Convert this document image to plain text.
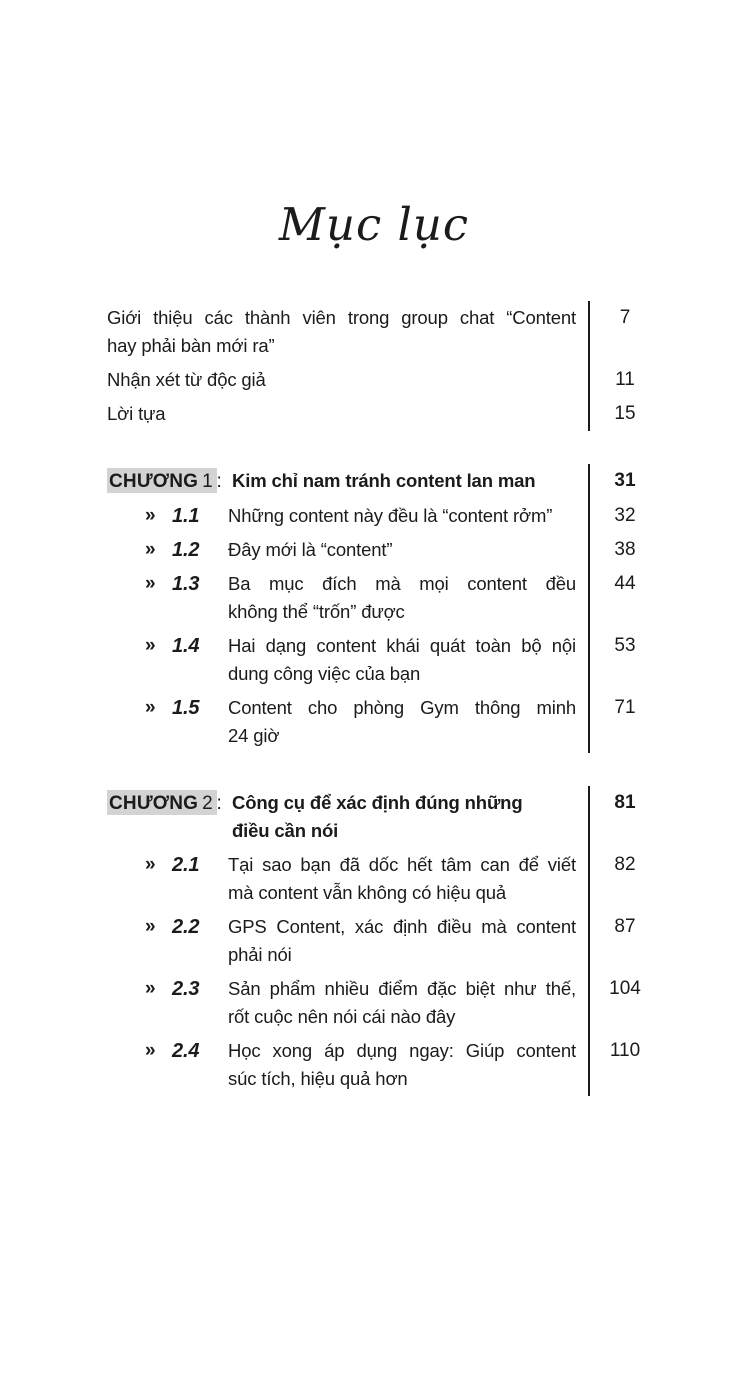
Mục lục
Giới thiệu các thành viên trong group chat “Content
hay phải bàn mới ra”
7
Nhận xét từ độc giả	11
Lời tựa	15
CHƯƠNG 1 : Kim chỉ nam tránh content lan man	31
» 1.1	Những content này đều là “content rởm”	32
» 1.2	Đây mới là “content”	38
» 1.3	Ba mục đích mà mọi content đều
không thể “trốn” được
44
» 1.4	Hai dạng content khái quát toàn bộ nội
dung công việc của bạn
53
» 1.5	Content cho phòng Gym thông minh
24 giờ
71
CHƯƠNG 2 : Công cụ để xác định đúng những
điều cần nói
81
» 2.1	Tại sao bạn đã dốc hết tâm can để viết
mà content vẫn không có hiệu quả
82
» 2.2	GPS Content, xác định điều mà content
phải nói
87
» 2.3	Sản phẩm nhiều điểm đặc biệt như thế,
rốt cuộc nên nói cái nào đây
104
» 2.4	Học xong áp dụng ngay: Giúp content
súc tích, hiệu quả hơn
110
